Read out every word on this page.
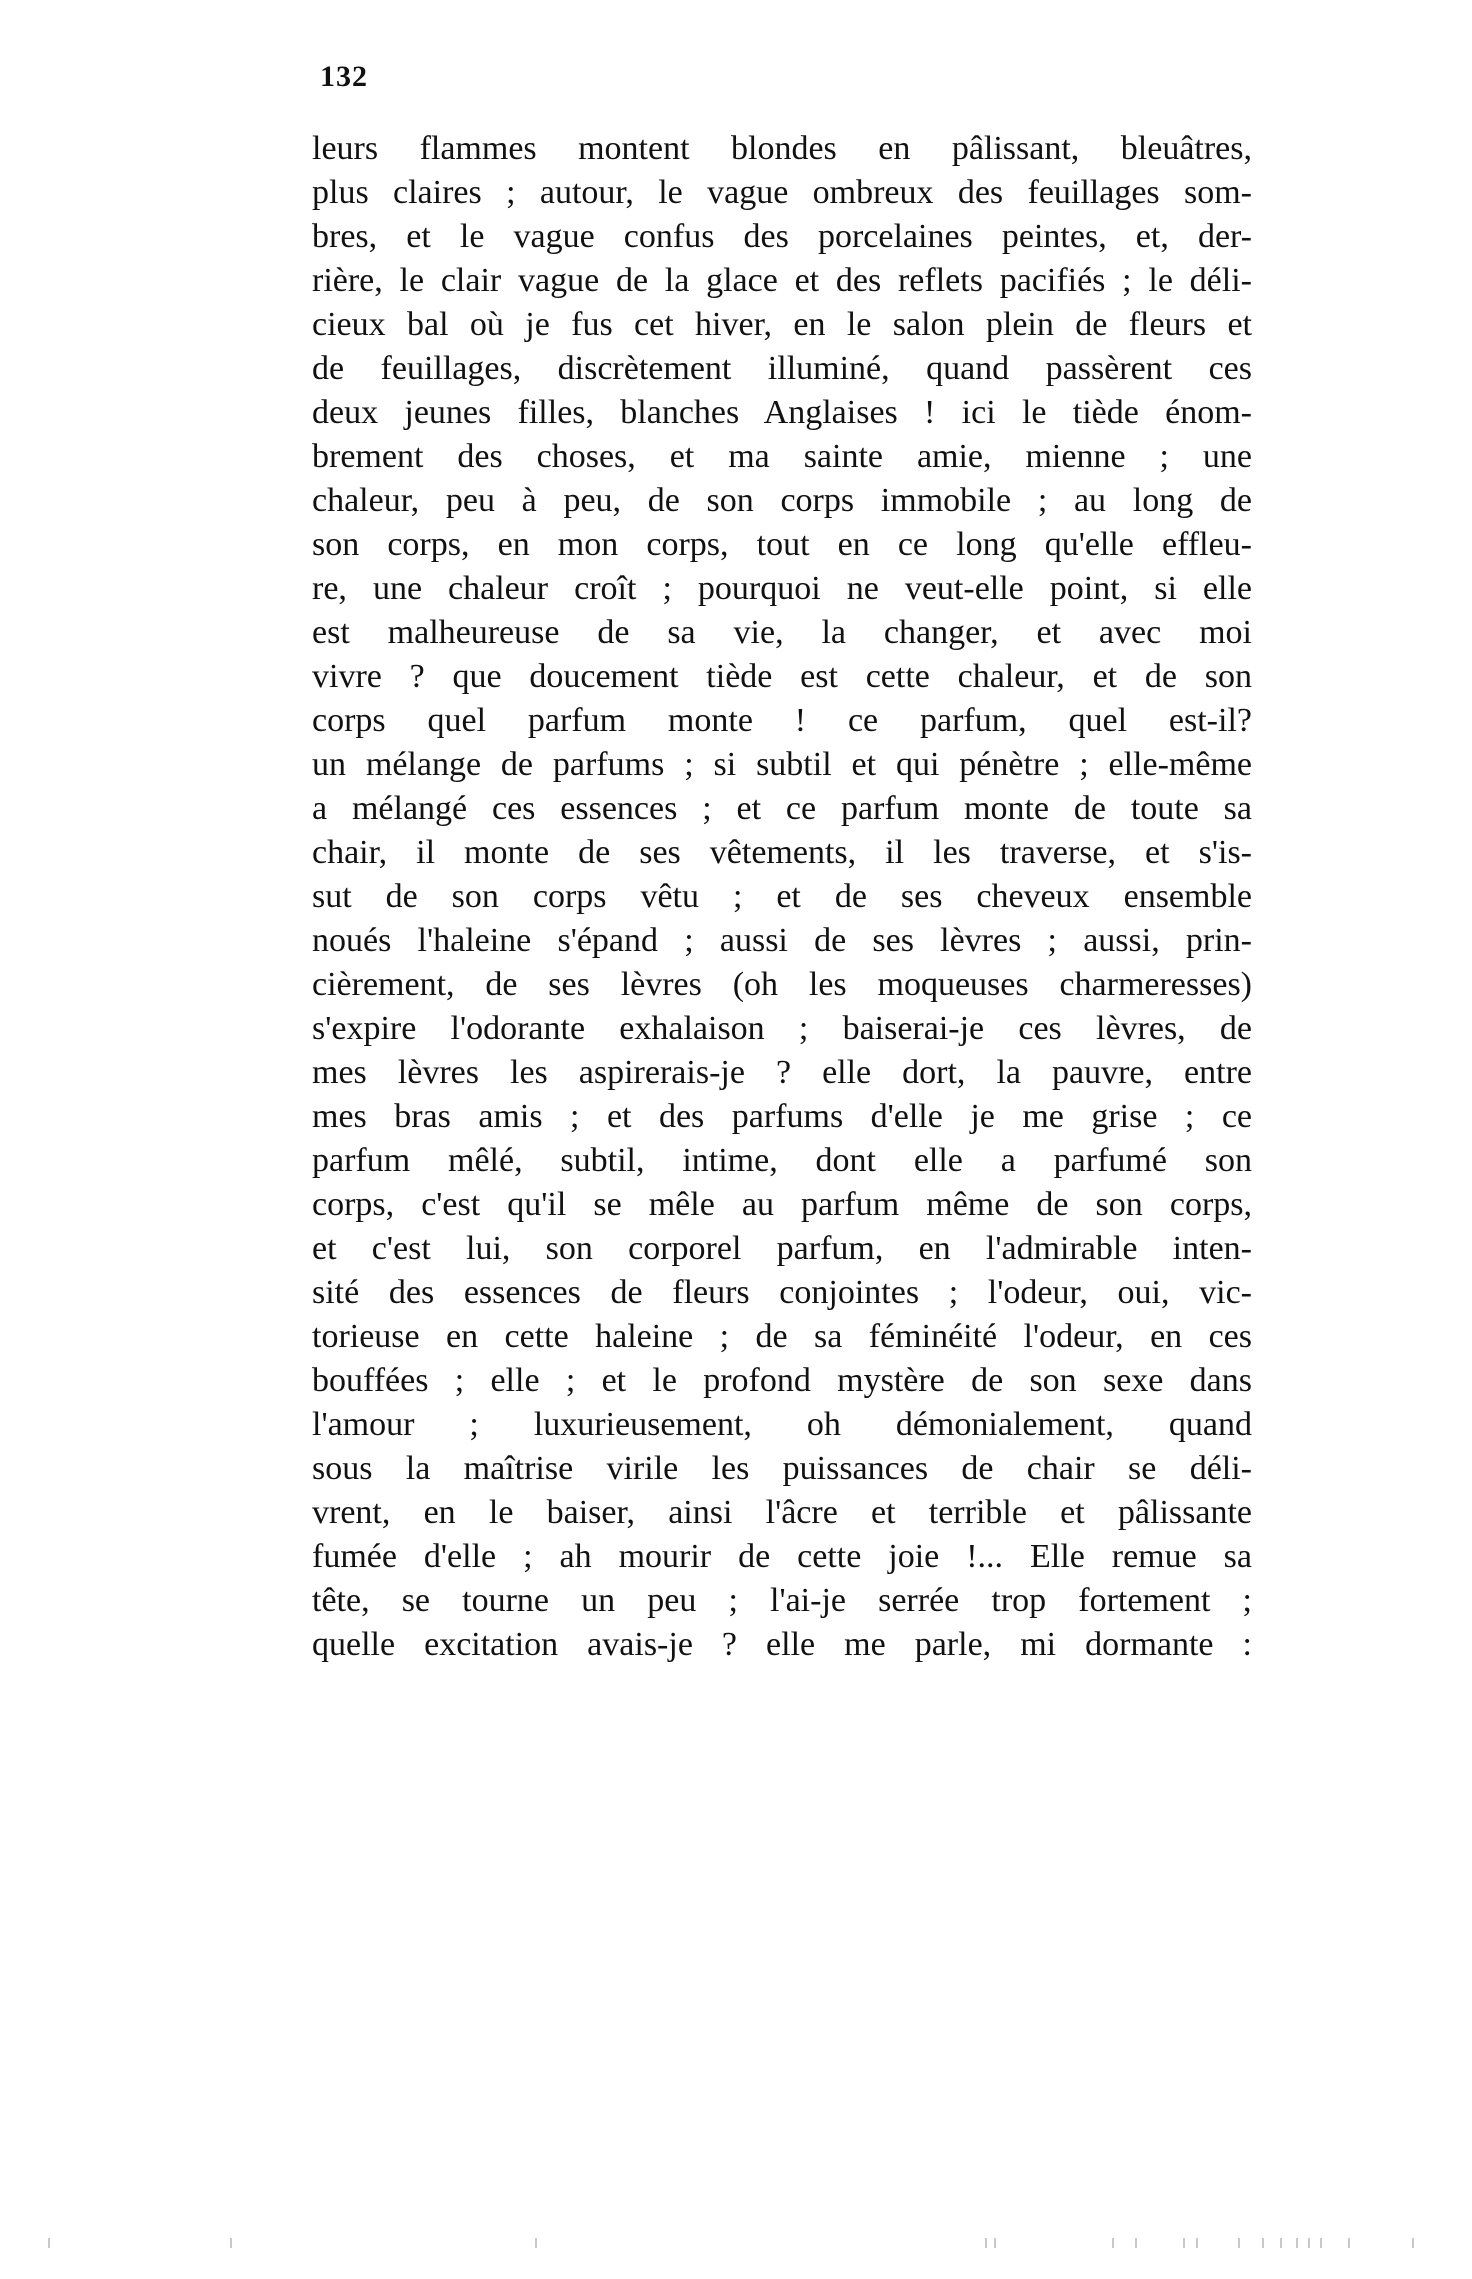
132
leurs flammes montent blondes en pâlissant, bleuâtres,
plus claires ; autour, le vague ombreux des feuillages som-
bres, et le vague confus des porcelaines peintes, et, der-
rière, le clair vague de la glace et des reflets pacifiés ; le déli-
cieux bal où je fus cet hiver, en le salon plein de fleurs et
de feuillages, discrètement illuminé, quand passèrent ces
deux jeunes filles, blanches Anglaises ! ici le tiède énom-
brement des choses, et ma sainte amie, mienne ; une
chaleur, peu à peu, de son corps immobile ; au long de
son corps, en mon corps, tout en ce long qu'elle effleu-
re, une chaleur croît ; pourquoi ne veut-elle point, si elle
est malheureuse de sa vie, la changer, et avec moi
vivre ? que doucement tiède est cette chaleur, et de son
corps quel parfum monte ! ce parfum, quel est-il?
un mélange de parfums ; si subtil et qui pénètre ; elle-même
a mélangé ces essences ; et ce parfum monte de toute sa
chair, il monte de ses vêtements, il les traverse, et s'is-
sut de son corps vêtu ; et de ses cheveux ensemble
noués l'haleine s'épand ; aussi de ses lèvres ; aussi, prin-
cièrement, de ses lèvres (oh les moqueuses charmeresses)
s'expire l'odorante exhalaison ; baiserai-je ces lèvres, de
mes lèvres les aspirerais-je ? elle dort, la pauvre, entre
mes bras amis ; et des parfums d'elle je me grise ; ce
parfum mêlé, subtil, intime, dont elle a parfumé son
corps, c'est qu'il se mêle au parfum même de son corps,
et c'est lui, son corporel parfum, en l'admirable inten-
sité des essences de fleurs conjointes ; l'odeur, oui, vic-
torieuse en cette haleine ; de sa féminéité l'odeur, en ces
bouffées ; elle ; et le profond mystère de son sexe dans
l'amour ; luxurieusement, oh démonialement, quand
sous la maîtrise virile les puissances de chair se déli-
vrent, en le baiser, ainsi l'âcre et terrible et pâlissante
fumée d'elle ; ah mourir de cette joie !... Elle remue sa
tête, se tourne un peu ; l'ai-je serrée trop fortement ;
quelle excitation avais-je ? elle me parle, mi dormante :
